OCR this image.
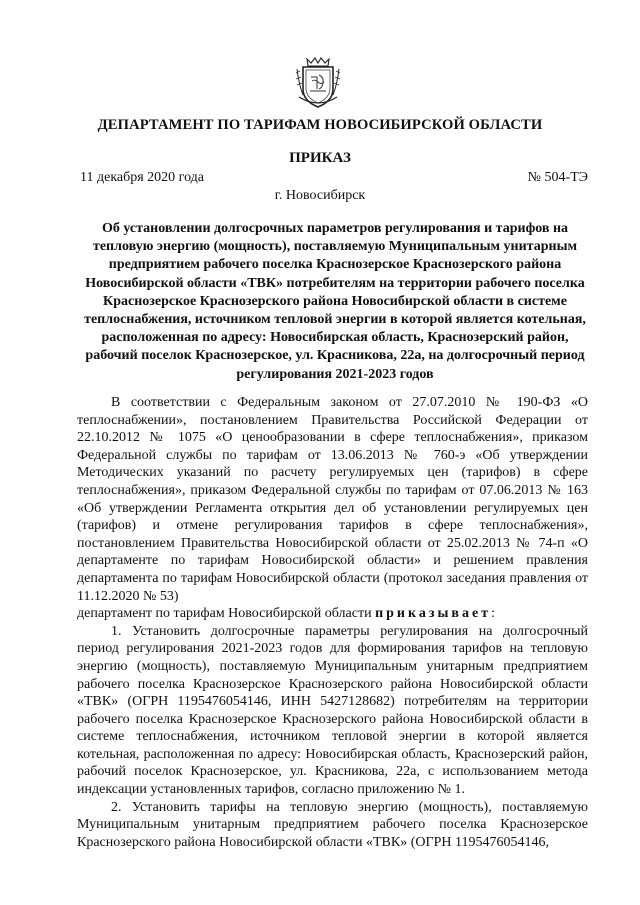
ДЕПАРТАМЕНТ ПО ТАРИФАМ НОВОСИБИРСКОЙ ОБЛАСТИ
ПРИКАЗ
11 декабря 2020 года	№ 504-ТЭ
г. Новосибирск

Об установлении долгосрочных параметров регулирования и тарифов на тепловую энергию (мощность), поставляемую Муниципальным унитарным предприятием рабочего поселка Краснозерское Краснозерского района Новосибирской области «ТВК» потребителям на территории рабочего поселка Краснозерское Краснозерского района Новосибирской области в системе теплоснабжения, источником тепловой энергии в которой является котельная, расположенная по адресу: Новосибирская область, Краснозерский район, рабочий поселок Краснозерское, ул. Красникова, 22а, на долгосрочный период регулирования 2021-2023 годов

В соответствии с Федеральным законом от 27.07.2010 № 190-ФЗ «О теплоснабжении», постановлением Правительства Российской Федерации от 22.10.2012 № 1075 «О ценообразовании в сфере теплоснабжения», приказом Федеральной службы по тарифам от 13.06.2013 № 760-э «Об утверждении Методических указаний по расчету регулируемых цен (тарифов) в сфере теплоснабжения», приказом Федеральной службы по тарифам от 07.06.2013 № 163 «Об утверждении Регламента открытия дел об установлении регулируемых цен (тарифов) и отмене регулирования тарифов в сфере теплоснабжения», постановлением Правительства Новосибирской области от 25.02.2013 № 74-п «О департаменте по тарифам Новосибирской области» и решением правления департамента по тарифам Новосибирской области (протокол заседания правления от 11.12.2020 № 53)

департамент по тарифам Новосибирской области приказывает:

1. Установить долгосрочные параметры регулирования на долгосрочный период регулирования 2021-2023 годов для формирования тарифов на тепловую энергию (мощность), поставляемую Муниципальным унитарным предприятием рабочего поселка Краснозерское Краснозерского района Новосибирской области «ТВК» (ОГРН 1195476054146, ИНН 5427128682) потребителям на территории рабочего поселка Краснозерское Краснозерского района Новосибирской области в системе теплоснабжения, источником тепловой энергии в которой является котельная, расположенная по адресу: Новосибирская область, Краснозерский район, рабочий поселок Краснозерское, ул. Красникова, 22а, с использованием метода индексации установленных тарифов, согласно приложению № 1.

2. Установить тарифы на тепловую энергию (мощность), поставляемую Муниципальным унитарным предприятием рабочего поселка Краснозерское Краснозерского района Новосибирской области «ТВК» (ОГРН 1195476054146,
